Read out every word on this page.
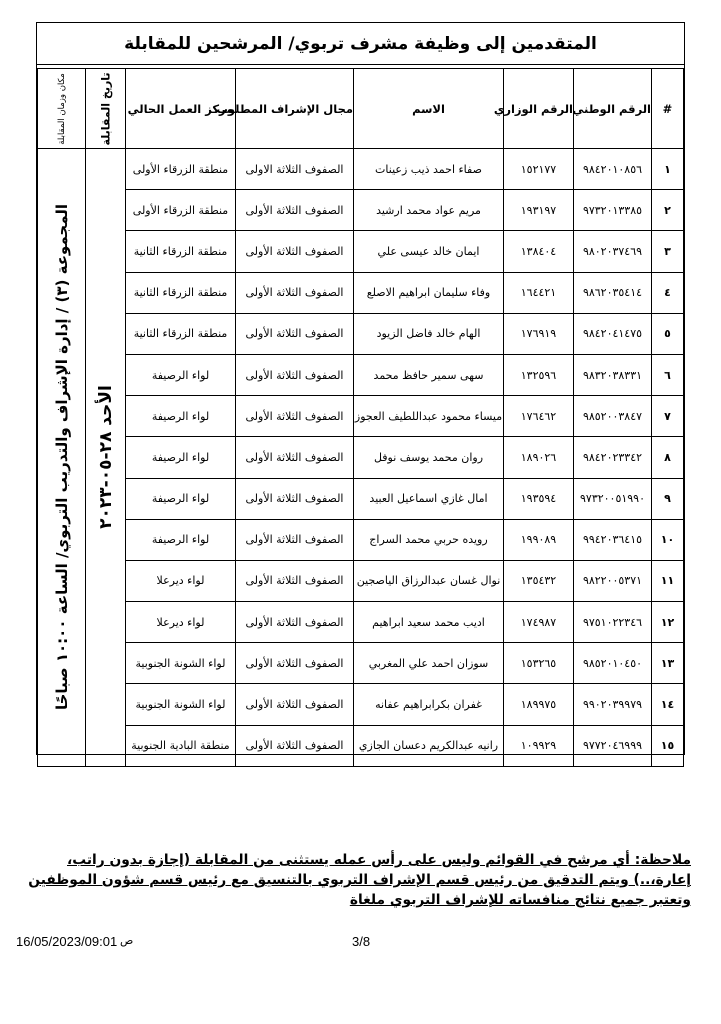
المتقدمين إلى وظيفة مشرف تربوي/ المرشحين للمقابلة
#	الرقم الوطني	الرقم الوزاري	الاسم	مجال الإشراف المطلوب	مركز العمل الحالي	تاريخ المقابلة	مكان وزمان المقابلة

١	٩٨٤٢٠١٠٨٥٦	١٥٢١٧٧	صفاء احمد ذيب زعينات	الصفوف الثلاثة الاولى	منطقة الزرقاء الأولى	الأحد ٢٨-٠٥-٢٠٢٣	المجموعة (٣) / إدارة الإشراف والتدريب التربوي/ الساعة ١٠:٠٠ صباحًا

٢	٩٧٣٢٠١٣٣٨٥	١٩٣١٩٧	مريم عواد محمد ارشيد	الصفوف الثلاثة الأولى	منطقة الزرقاء الأولى		
٣	٩٨٠٢٠٣٧٤٦٩	١٣٨٤٠٤	ايمان خالد عيسى علي	الصفوف الثلاثة الأولى	منطقة الزرقاء الثانية		
٤	٩٨٦٢٠٣٥٤١٤	١٦٤٤٢١	وفاء سليمان ابراهيم الاصلع	الصفوف الثلاثة الأولى	منطقة الزرقاء الثانية		
٥	٩٨٤٢٠٤١٤٧٥	١٧٦٩١٩	الهام خالد فاضل الزيود	الصفوف الثلاثة الأولى	منطقة الزرقاء الثانية		
٦	٩٨٣٢٠٣٨٣٣١	١٣٢٥٩٦	سهى سمير حافظ محمد	الصفوف الثلاثة الأولى	لواء الرصيفة		
٧	٩٨٥٢٠٠٣٨٤٧	١٧٦٤٦٢	ميساء محمود عبداللطيف العجوز	الصفوف الثلاثة الأولى	لواء الرصيفة		
٨	٩٨٤٢٠٢٣٣٤٢	١٨٩٠٢٦	روان محمد يوسف نوفل	الصفوف الثلاثة الأولى	لواء الرصيفة		
٩	٩٧٣٢٠٠٥١٩٩٠	١٩٣٥٩٤	امال غازي اسماعيل العبيد	الصفوف الثلاثة الأولى	لواء الرصيفة		
١٠	٩٩٤٢٠٣٦٤١٥	١٩٩٠٨٩	رويده حربي محمد السراج	الصفوف الثلاثة الأولى	لواء الرصيفة		
١١	٩٨٢٢٠٠٥٣٧١	١٣٥٤٣٢	نوال غسان عبدالرزاق الياصجين	الصفوف الثلاثة الأولى	لواء ديرعلا		
١٢	٩٧٥١٠٢٢٣٤٦	١٧٤٩٨٧	اديب محمد سعيد ابراهيم	الصفوف الثلاثة الأولى	لواء ديرعلا		
١٣	٩٨٥٢٠١٠٤٥٠	١٥٣٢٦٥	سوزان احمد علي المغربي	الصفوف الثلاثة الأولى	لواء الشونة الجنوبية		
١٤	٩٩٠٢٠٣٩٩٧٩	١٨٩٩٧٥	غفران بكرابراهيم عفانه	الصفوف الثلاثة الأولى	لواء الشونة الجنوبية		
١٥	٩٧٧٢٠٤٦٩٩٩	١٠٩٩٢٩	رانيه عبدالكريم دعسان الجازي	الصفوف الثلاثة الأولى	منطقة البادية الجنوبية		
ملاحظة: أي مرشح في القوائم وليس على رأس عمله يستثنى من المقابلة (إجازة بدون راتب، إعارة،..) ويتم التدقيق من رئيس قسم الإشراف التربوي بالتنسيق مع رئيس قسم شؤون الموظفين وتعتبر جميع نتائج منافساته للإشراف التربوي ملغاة
16/05/2023/09:01 ص	3/8
